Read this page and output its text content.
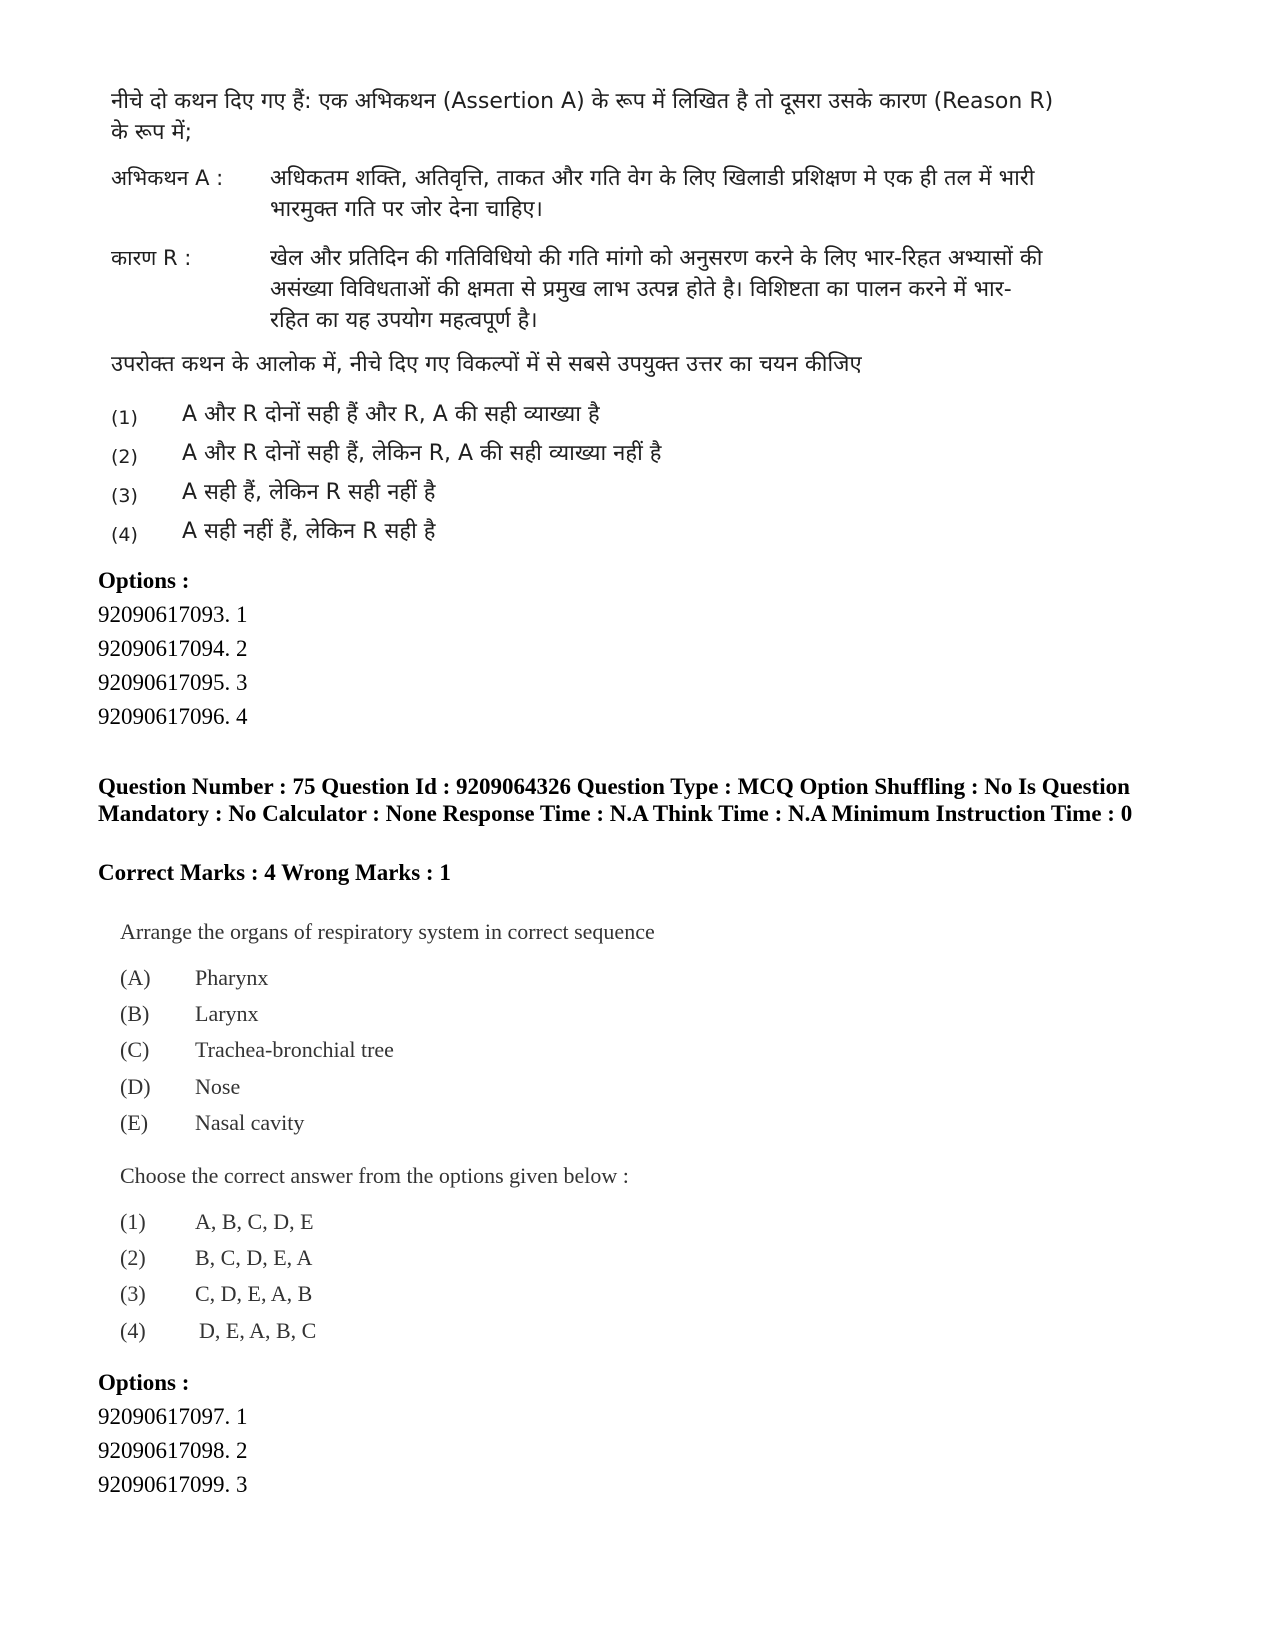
नीचे दो कथन दिए गए हैं: एक अभिकथन (Assertion A) के रूप में लिखित है तो दूसरा उसके कारण (Reason R) के रूप में;
अभिकथन A : अधिकतम शक्ति, अतिवृत्ति, ताकत और गति वेग के लिए खिलाडी प्रशिक्षण मे एक ही तल में भारी भारमुक्त गति पर जोर देना चाहिए।
कारण R :	खेल और प्रतिदिन की गतिविधियो की गति मांगो को अनुसरण करने के लिए भार-रिहत अभ्यासों की असंख्या विविधताओं की क्षमता से प्रमुख लाभ उत्पन्न होते है। विशिष्टता का पालन करने में भार-रहित का यह उपयोग महत्वपूर्ण है।
उपरोक्त कथन के आलोक में, नीचे दिए गए विकल्पों में से सबसे उपयुक्त उत्तर का चयन कीजिए
(1) A और R दोनों सही हैं और R, A की सही व्याख्या है
(2) A और R दोनों सही हैं, लेकिन R, A की सही व्याख्या नहीं है
(3) A सही हैं, लेकिन R सही नहीं है
(4) A सही नहीं हैं, लेकिन R सही है
Options :
92090617093. 1
92090617094. 2
92090617095. 3
92090617096. 4
Question Number : 75 Question Id : 9209064326 Question Type : MCQ Option Shuffling : No Is Question Mandatory : No Calculator : None Response Time : N.A Think Time : N.A Minimum Instruction Time : 0
Correct Marks : 4 Wrong Marks : 1
Arrange the organs of respiratory system in correct sequence
(A) Pharynx
(B) Larynx
(C) Trachea-bronchial tree
(D) Nose
(E) Nasal cavity
Choose the correct answer from the options given below :
(1) A, B, C, D, E
(2) B, C, D, E, A
(3) C, D, E, A, B
(4) D, E, A, B, C
Options :
92090617097. 1
92090617098. 2
92090617099. 3
